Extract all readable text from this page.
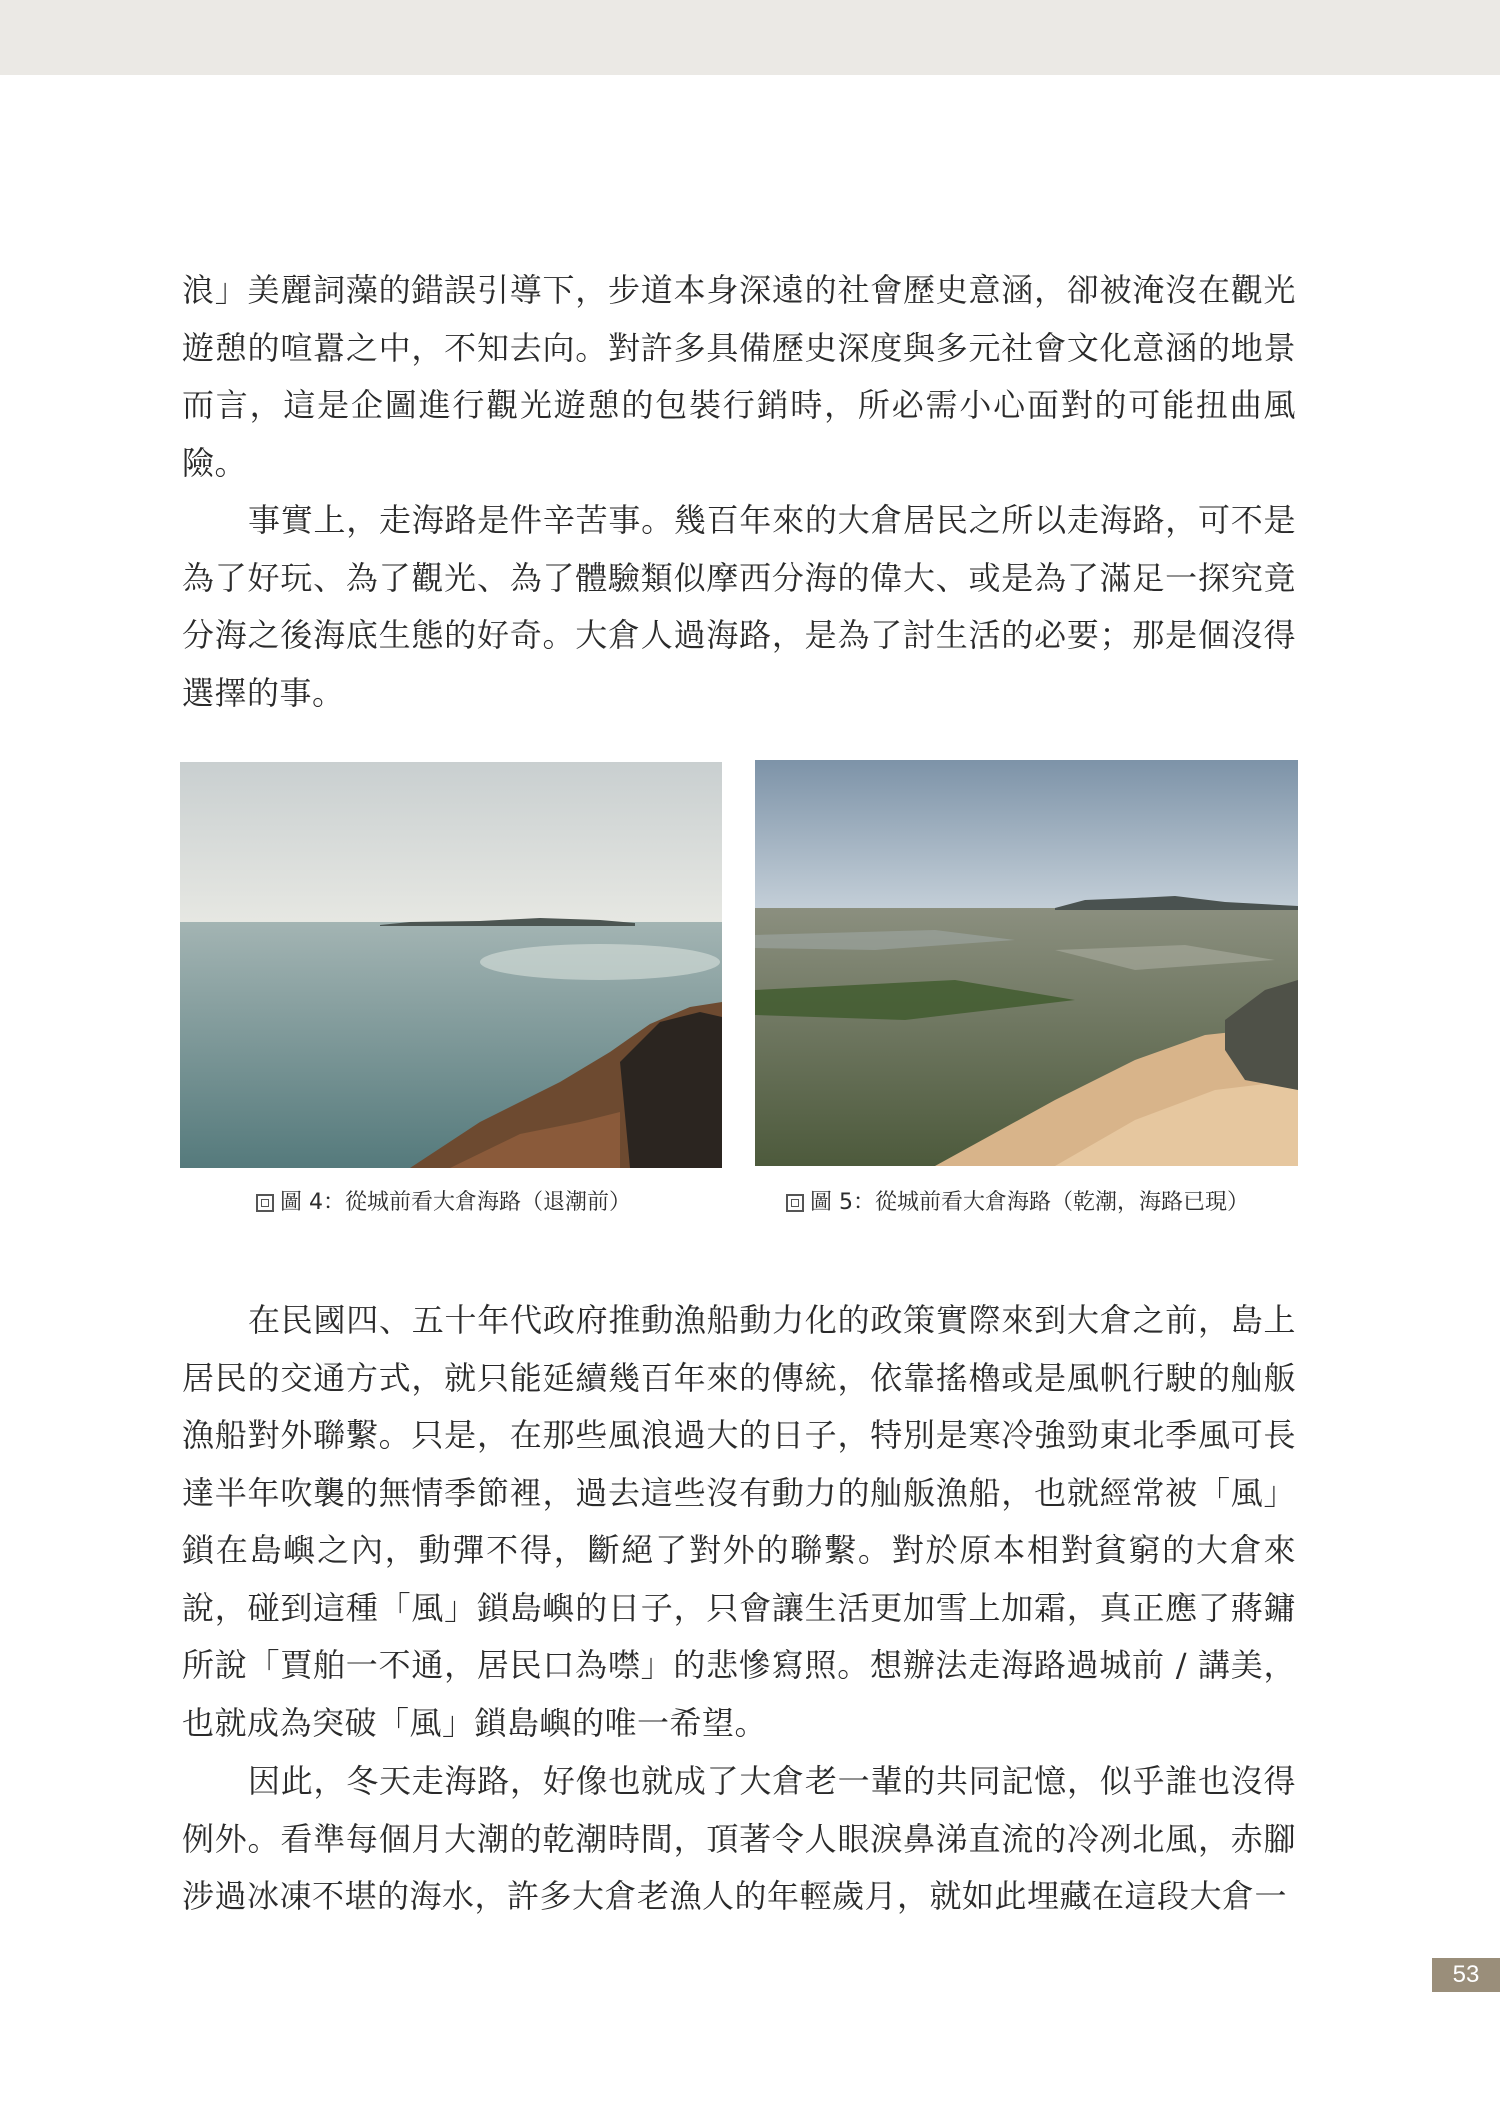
浪」美麗詞藻的錯誤引導下，步道本身深遠的社會歷史意涵，卻被淹沒在觀光遊憩的喧囂之中，不知去向。對許多具備歷史深度與多元社會文化意涵的地景而言，這是企圖進行觀光遊憩的包裝行銷時，所必需小心面對的可能扭曲風險。

事實上，走海路是件辛苦事。幾百年來的大倉居民之所以走海路，可不是為了好玩、為了觀光、為了體驗類似摩西分海的偉大、或是為了滿足一探究竟分海之後海底生態的好奇。大倉人過海路，是為了討生活的必要；那是個沒得選擇的事。

圖 4：從城前看大倉海路（退潮前）	圖 5：從城前看大倉海路（乾潮，海路已現）

在民國四、五十年代政府推動漁船動力化的政策實際來到大倉之前，島上居民的交通方式，就只能延續幾百年來的傳統，依靠搖櫓或是風帆行駛的舢舨漁船對外聯繫。只是，在那些風浪過大的日子，特別是寒冷強勁東北季風可長達半年吹襲的無情季節裡，過去這些沒有動力的舢舨漁船，也就經常被「風」鎖在島嶼之內，動彈不得，斷絕了對外的聯繫。對於原本相對貧窮的大倉來說，碰到這種「風」鎖島嶼的日子，只會讓生活更加雪上加霜，真正應了蔣鏞所說「賈舶一不通，居民口為噤」的悲慘寫照。想辦法走海路過城前 / 講美，也就成為突破「風」鎖島嶼的唯一希望。

因此，冬天走海路，好像也就成了大倉老一輩的共同記憶，似乎誰也沒得例外。看準每個月大潮的乾潮時間，頂著令人眼淚鼻涕直流的冷冽北風，赤腳涉過冰凍不堪的海水，許多大倉老漁人的年輕歲月，就如此埋藏在這段大倉一

53
